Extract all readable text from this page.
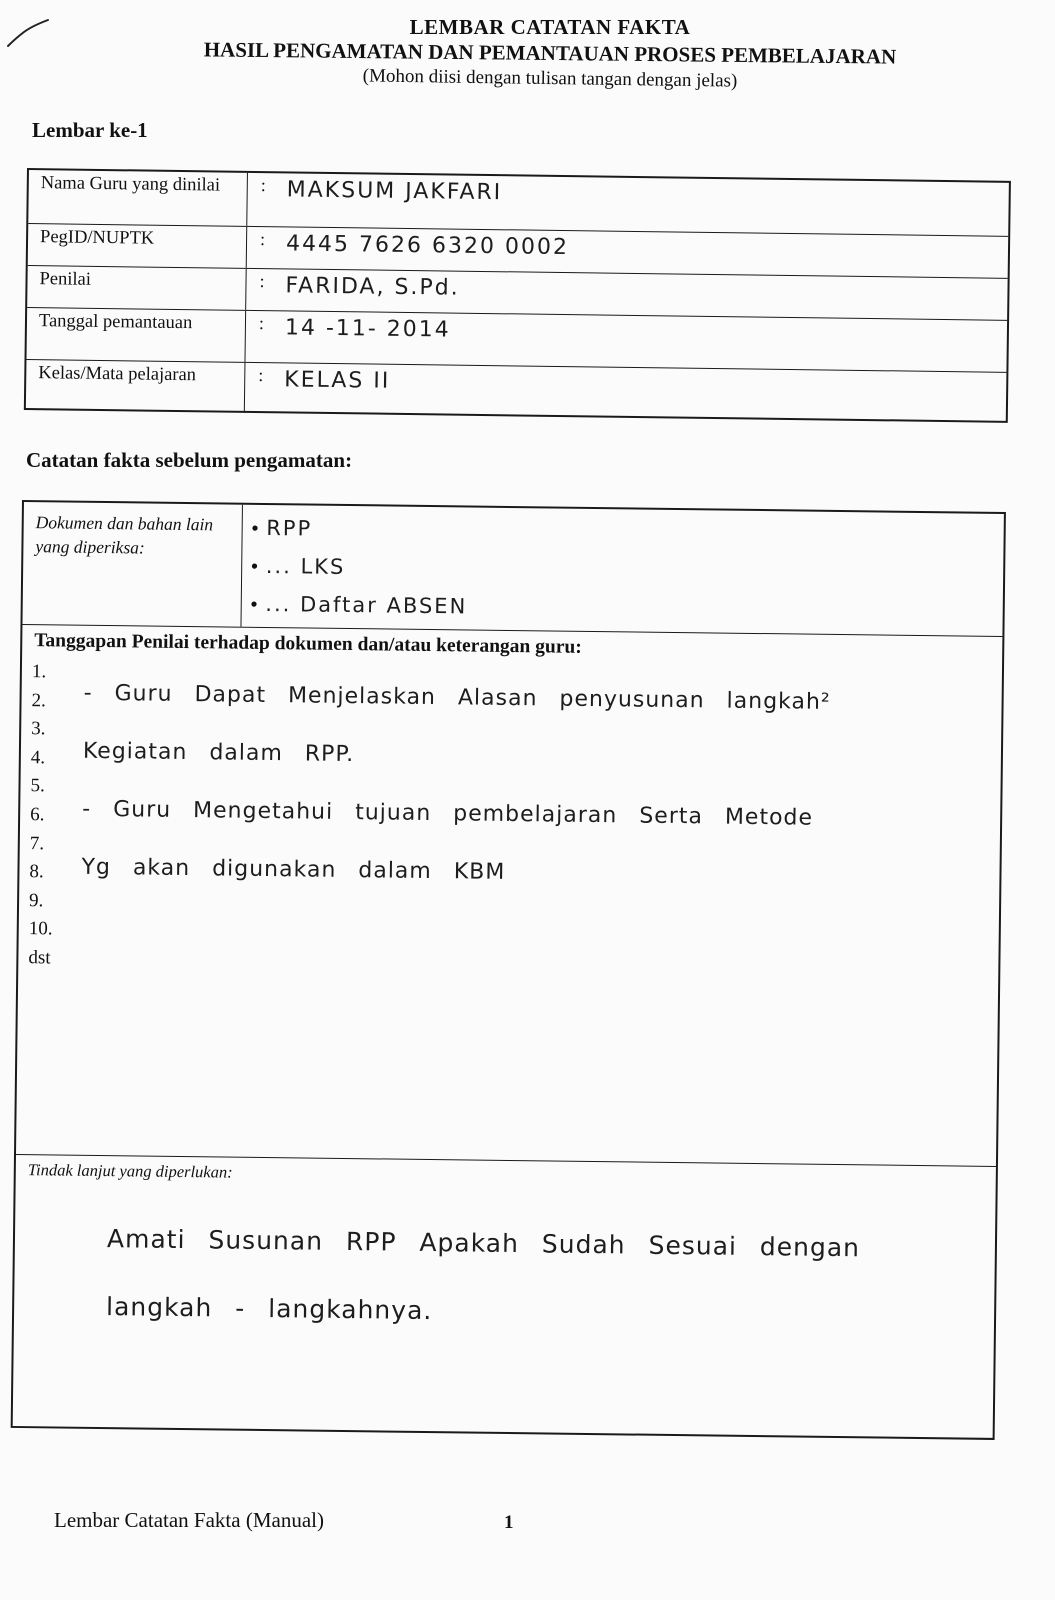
LEMBAR CATATAN FAKTA
HASIL PENGAMATAN DAN PEMANTAUAN PROSES PEMBELAJARAN
(Mohon diisi dengan tulisan tangan dengan jelas)
Lembar ke-1
Nama Guru yang dinilai	: MAKSUM JAKFARI
PegID/NUPTK	: 4445 7626 6320 0002
Penilai	: FARIDA, S.Pd.
Tanggal pemantauan	: 14 -11- 2014
Kelas/Mata pelajaran	: KELAS II
Catatan fakta sebelum pengamatan:
Dokumen dan bahan lain yang diperiksa:
• RPP
• ... LKS
• ... Daftar ABSEN
Tanggapan Penilai terhadap dokumen dan/atau keterangan guru:
1.
2.
3.
4.
5.
6.
7.
8.
9.
10.
dst
- Guru Dapat Menjelaskan Alasan penyusunan langkah²
Kegiatan dalam RPP.
- Guru Mengetahui tujuan pembelajaran Serta Metode
Yg akan digunakan dalam KBM
Tindak lanjut yang diperlukan:
Amati Susunan RPP Apakah Sudah Sesuai dengan
langkah - langkahnya.
Lembar Catatan Fakta (Manual)	1
